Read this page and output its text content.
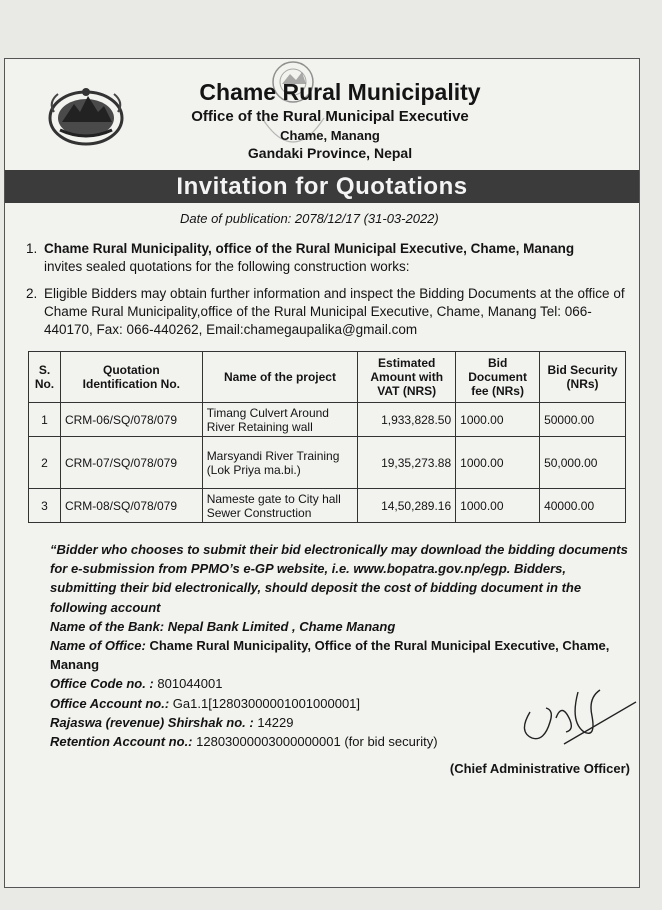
Chame Rural Municipality
Office of the Rural Municipal Executive
Chame, Manang
Gandaki Province, Nepal
Invitation for Quotations
Date of publication: 2078/12/17 (31-03-2022)
1. Chame Rural Municipality, office of the Rural Municipal Executive, Chame, Manang
invites sealed quotations for the following construction works:
2. Eligible Bidders may obtain further information and inspect the Bidding Documents at the office of Chame Rural Municipality,office of the Rural Municipal Executive, Chame, Manang Tel: 066-440170, Fax: 066-440262, Email:chamegaupalika@gmail.com
S. No.	Quotation Identification No.	Name of the project	Estimated Amount with VAT (NRS)	Bid Document fee (NRs)	Bid Security (NRs)
1	CRM-06/SQ/078/079	Timang Culvert Around River Retaining wall	1,933,828.50	1000.00	50000.00
2	CRM-07/SQ/078/079	Marsyandi River Training (Lok Priya ma.bi.)	19,35,273.88	1000.00	50,000.00
3	CRM-08/SQ/078/079	Nameste gate to City hall Sewer Construction	14,50,289.16	1000.00	40000.00

“Bidder who chooses to submit their bid electronically may download the bidding documents for e-submission from PPMO’s e-GP website, i.e. www.bopatra.gov.np/egp. Bidders, submitting their bid electronically, should deposit the cost of bidding document in the following account

Name of the Bank: Nepal Bank Limited , Chame Manang

Name of Office: Chame Rural Municipality, Office of the Rural Municipal Executive, Chame, Manang

Office Code no. : 801044001

Office Account no.: Ga1.1[12803000001001000001]

Rajaswa (revenue) Shirshak no. : 14229

Retention Account no.: 12803000003000000001 (for bid security)

(Chief Administrative Officer)
